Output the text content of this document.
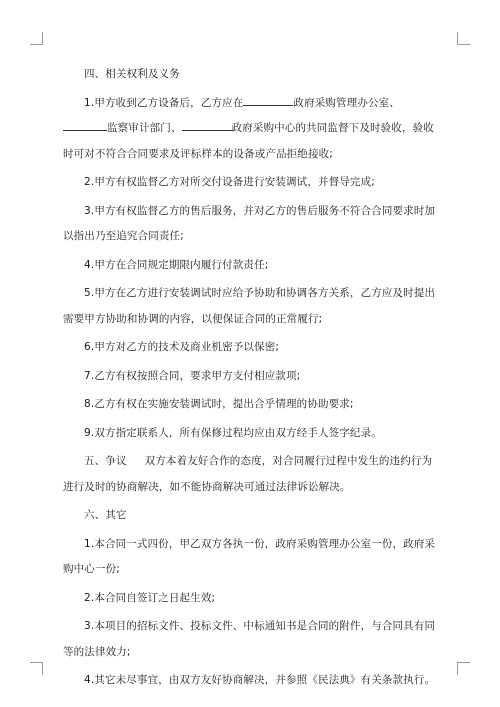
四、相关权利及义务

1.甲方收到乙方设备后，乙方应在	政府采购管理办公室、监察审计部门、	政府采购中心的共同监督下及时验收，验收时可对不符合合同要求及评标样本的设备或产品拒绝接收;

2.甲方有权监督乙方对所交付设备进行安装调试，并督导完成;

3.甲方有权监督乙方的售后服务，并对乙方的售后服务不符合合同要求时加以指出乃至追究合同责任;

4.甲方在合同规定期限内履行付款责任;

5.甲方在乙方进行安装调试时应给予协助和协调各方关系，乙方应及时提出需要甲方协助和协调的内容，以便保证合同的正常履行;

6.甲方对乙方的技术及商业机密予以保密;

7.乙方有权按照合同，要求甲方支付相应款项;

8.乙方有权在实施安装调试时，提出合乎情理的协助要求;

9.双方指定联系人，所有保修过程均应由双方经手人签字纪录。

五、争议 双方本着友好合作的态度，对合同履行过程中发生的违约行为进行及时的协商解决，如不能协商解决可通过法律诉讼解决。

六、其它

1.本合同一式四份，甲乙双方各执一份，政府采购管理办公室一份，政府采购中心一份;

2.本合同自签订之日起生效;

3.本项目的招标文件、投标文件、中标通知书是合同的附件，与合同具有同等的法律效力;

4.其它未尽事宜，由双方友好协商解决，并参照《民法典》有关条款执行。
